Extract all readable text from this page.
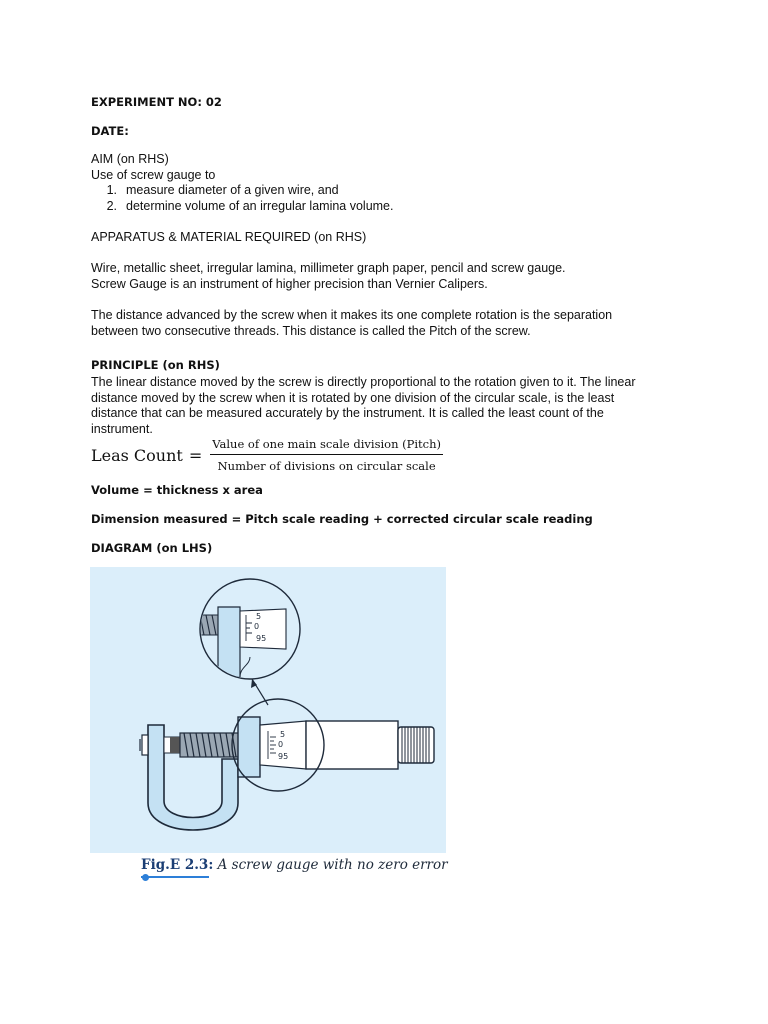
EXPERIMENT NO: 02
DATE:
AIM (on RHS)
Use of screw gauge to
1. measure diameter of a given wire, and
2. determine volume of an irregular lamina volume.
APPARATUS & MATERIAL REQUIRED (on RHS)
Wire, metallic sheet, irregular lamina, millimeter graph paper, pencil and screw gauge.
Screw Gauge is an instrument of higher precision than Vernier Calipers.
The distance advanced by the screw when it makes its one complete rotation is the separation
between two consecutive threads. This distance is called the Pitch of the screw.
PRINCIPLE (on RHS)
The linear distance moved by the screw is directly proportional to the rotation given to it. The linear
distance moved by the screw when it is rotated by one division of the circular scale, is the least
distance that can be measured accurately by the instrument. It is called the least count of the
instrument.
Leas Count = $\frac{\text{Value of one main scale division (Pitch)}}{\text{Number of divisions on circular scale}}$
Volume = thickness x area
Dimension measured = Pitch scale reading + corrected circular scale reading
DIAGRAM (on LHS)
5
0
95
5
0
95
Fig.E 2.3: A screw gauge with no zero error
